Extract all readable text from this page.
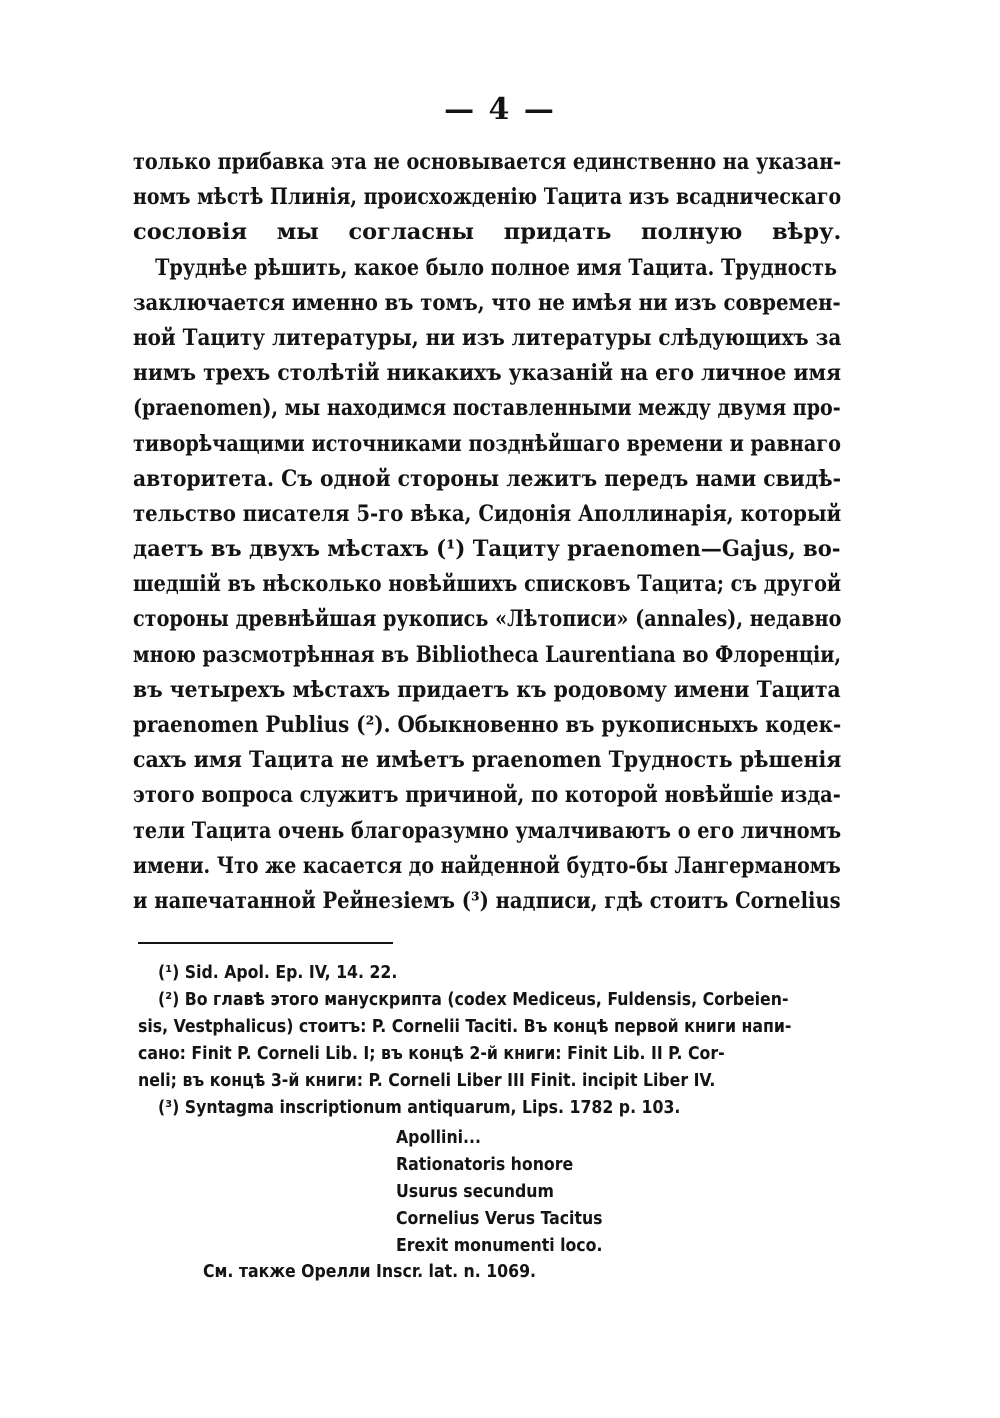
— 4 —
только прибавка эта не основывается единственно на указан-
номъ мѣстѣ Плинія, происхожденію Тацита изъ всадническаго
сословія мы согласны придать полную вѣру.
Труднѣе рѣшить, какое было полное имя Тацита. Трудность
заключается именно въ томъ, что не имѣя ни изъ современ-
ной Тациту литературы, ни изъ литературы слѣдующихъ за
нимъ трехъ столѣтій никакихъ указаній на его личное имя
(praenomen), мы находимся поставленными между двумя про-
тиворѣчащими источниками позднѣйшаго времени и равнаго
авторитета. Съ одной стороны лежитъ передъ нами свидѣ-
тельство писателя 5-го вѣка, Сидонія Аполлинарія, который
даетъ въ двухъ мѣстахъ (¹) Тациту praenomen—Gajus, во-
шедшій въ нѣсколько новѣйшихъ списковъ Тацита; съ другой
стороны древнѣйшая рукопись «Лѣтописи» (annales), недавно
мною разсмотрѣнная въ Bibliotheca Laurentiana во Флоренціи,
въ четырехъ мѣстахъ придаетъ къ родовому имени Тацита
praenomen Publius (²). Обыкновенно въ рукописныхъ кодек-
сахъ имя Тацита не имѣетъ praenomen Трудность рѣшенія
этого вопроса служитъ причиной, по которой новѣйшіе изда-
тели Тацита очень благоразумно умалчиваютъ о его личномъ
имени. Что же касается до найденной будто-бы Лангерманомъ
и напечатанной Рейнезіемъ (³) надписи, гдѣ стоитъ Cornelius
(¹) Sid. Apol. Ep. IV, 14. 22.
(²) Во главѣ этого манускрипта (codex Mediceus, Fuldensis, Corbeien-
sis, Vestphalicus) стоитъ: P. Cornelii Taciti. Въ концѣ первой книги напи-
сано: Finit P. Corneli Lib. I; въ концѣ 2-й книги: Finit Lib. II P. Cor-
neli; въ концѣ 3-й книги: P. Corneli Liber III Finit. incipit Liber IV.
(³) Syntagma inscriptionum antiquarum, Lips. 1782 p. 103.
Apollini...
Rationatoris honore
Usurus secundum
Cornelius Verus Tacitus
Erexit monumenti loco.
См. также Орелли Inscr. lat. n. 1069.
